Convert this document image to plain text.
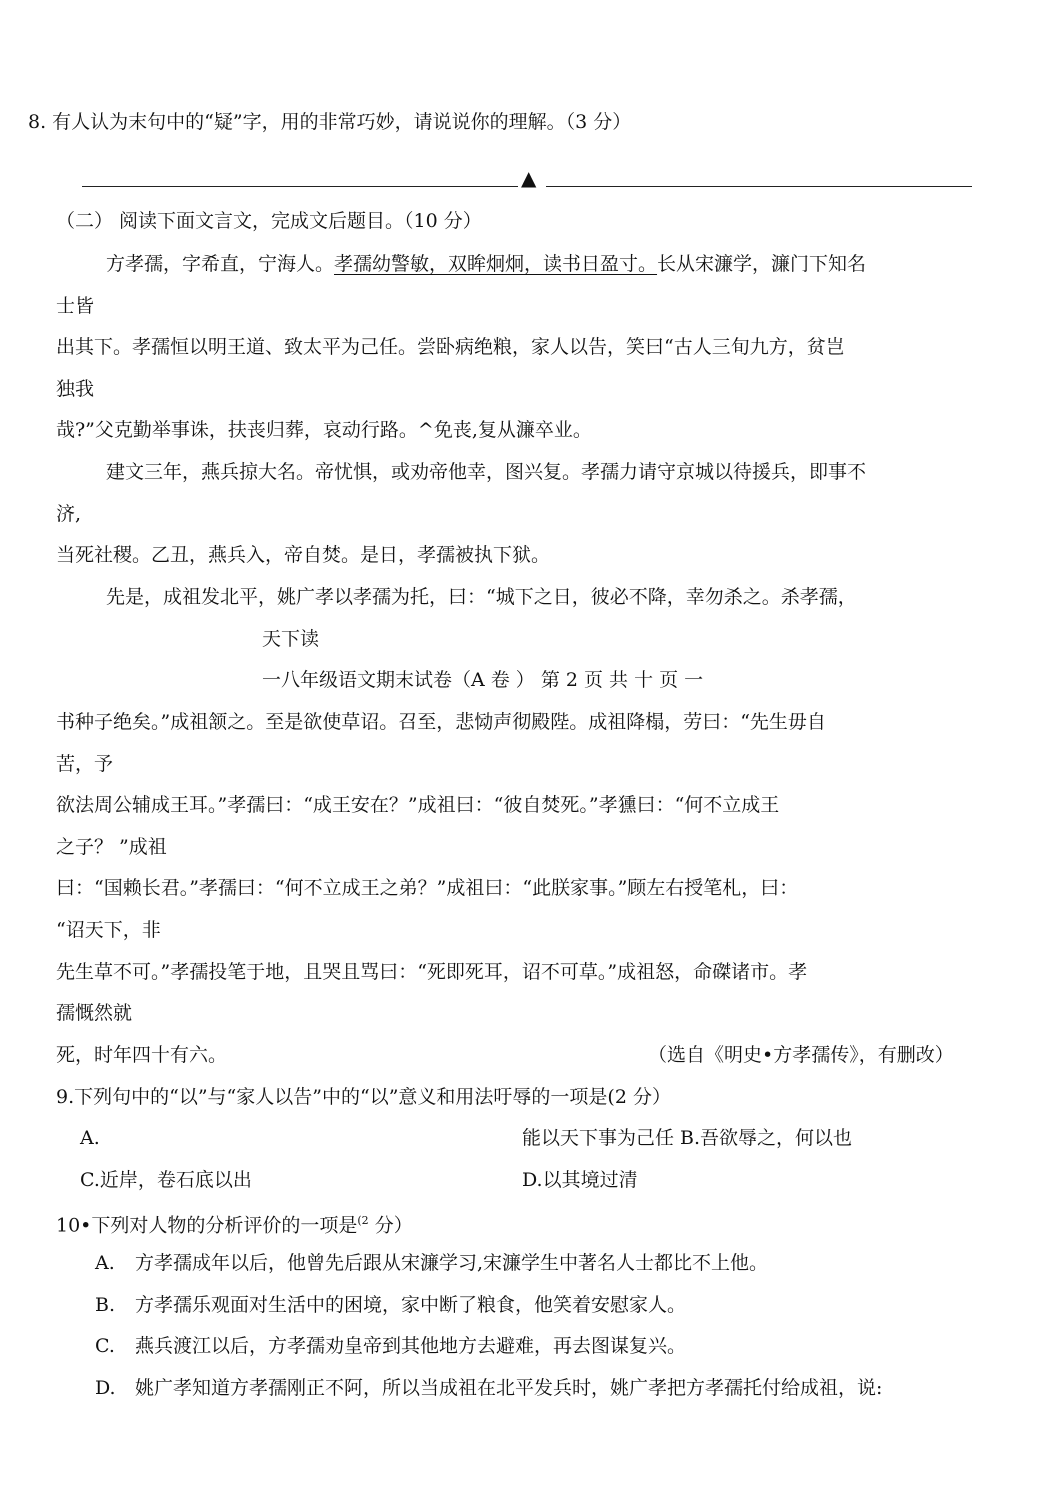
8. 有人认为末句中的“疑”字，用的非常巧妙，请说说你的理解。（3 分）
▲
（二） 阅读下面文言文，完成文后题目。（10 分）
方孝孺，字希直，宁海人。孝孺幼警敏，双眸炯炯，读书日盈寸。长从宋濂学，濂门下知名
士皆
出其下。孝孺恒以明王道、致太平为己任。尝卧病绝粮，家人以告，笑曰“古人三旬九方，贫岂
独我
哉?”父克勤举事诛，扶丧归葬，哀动行路。^免丧,复从濂卒业。
建文三年，燕兵掠大名。帝忧惧，或劝帝他幸，图兴复。孝孺力请守京城以待援兵，即事不
济,
当死社稷。乙丑，燕兵入，帝自焚。是日，孝孺被执下狱。
先是，成祖发北平，姚广孝以孝孺为托，曰：“城下之日，彼必不降，幸勿杀之。杀孝孺，
天下读
一八年级语文期末试卷（A 卷 ） 第 2 页 共 十 页 一
书种子绝矣。”成祖颔之。至是欲使草诏。召至，悲恸声彻殿陛。成祖降榻，劳曰：“先生毋自
苦，予
欲法周公辅成王耳。”孝孺曰：“成王安在？”成祖曰：“彼自焚死。”孝獯曰：“何不立成王
之子？ ”成祖
曰：“国赖长君。”孝孺曰：“何不立成王之弟？”成祖曰：“此朕家事。”顾左右授笔札，曰：
“诏天下，非
先生草不可。”孝孺投笔于地，且哭且骂曰：“死即死耳，诏不可草。”成祖怒，命磔诸市。孝
孺慨然就
死，时年四十有六。	（选自《明史•方孝孺传》，有删改）
9.下列句中的“以”与“家人以告”中的“以”意义和用法吁辱的一项是(2 分）
A.	能以天下事为己任 B.吾欲辱之，何以也
C.近岸，卷石底以出	D.以其境过清
10•下列对人物的分析评价的一项是$^{(2}$ 分）
A. 方孝孺成年以后，他曾先后跟从宋濂学习,宋濂学生中著名人士都比不上他。
B. 方孝孺乐观面对生活中的困境，家中断了粮食，他笑着安慰家人。
C. 燕兵渡江以后，方孝孺劝皇帝到其他地方去避难，再去图谋复兴。
D. 姚广孝知道方孝孺刚正不阿，所以当成祖在北平发兵时，姚广孝把方孝孺托付给成祖，说:
